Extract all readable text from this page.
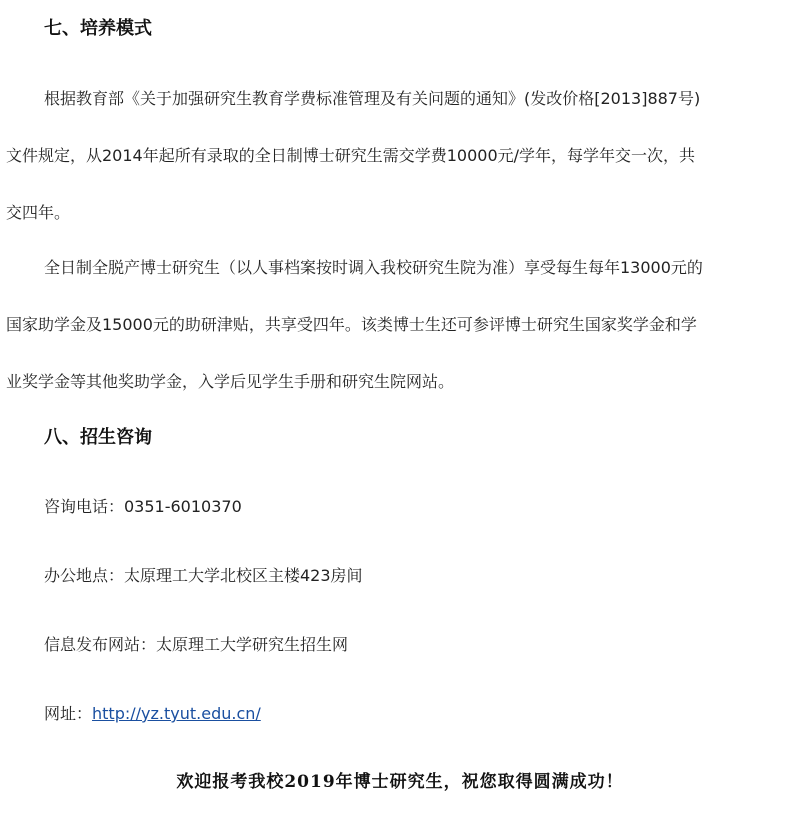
七、培养模式
根据教育部《关于加强研究生教育学费标准管理及有关问题的通知》(发改价格[2013]887号)
文件规定，从2014年起所有录取的全日制博士研究生需交学费10000元/学年，每学年交一次，共
交四年。
全日制全脱产博士研究生（以人事档案按时调入我校研究生院为准）享受每生每年13000元的
国家助学金及15000元的助研津贴，共享受四年。该类博士生还可参评博士研究生国家奖学金和学
业奖学金等其他奖助学金，入学后见学生手册和研究生院网站。
八、招生咨询
咨询电话：0351-6010370
办公地点：太原理工大学北校区主楼423房间
信息发布网站：太原理工大学研究生招生网
网址：http://yz.tyut.edu.cn/
欢迎报考我校2019年博士研究生，祝您取得圆满成功！
